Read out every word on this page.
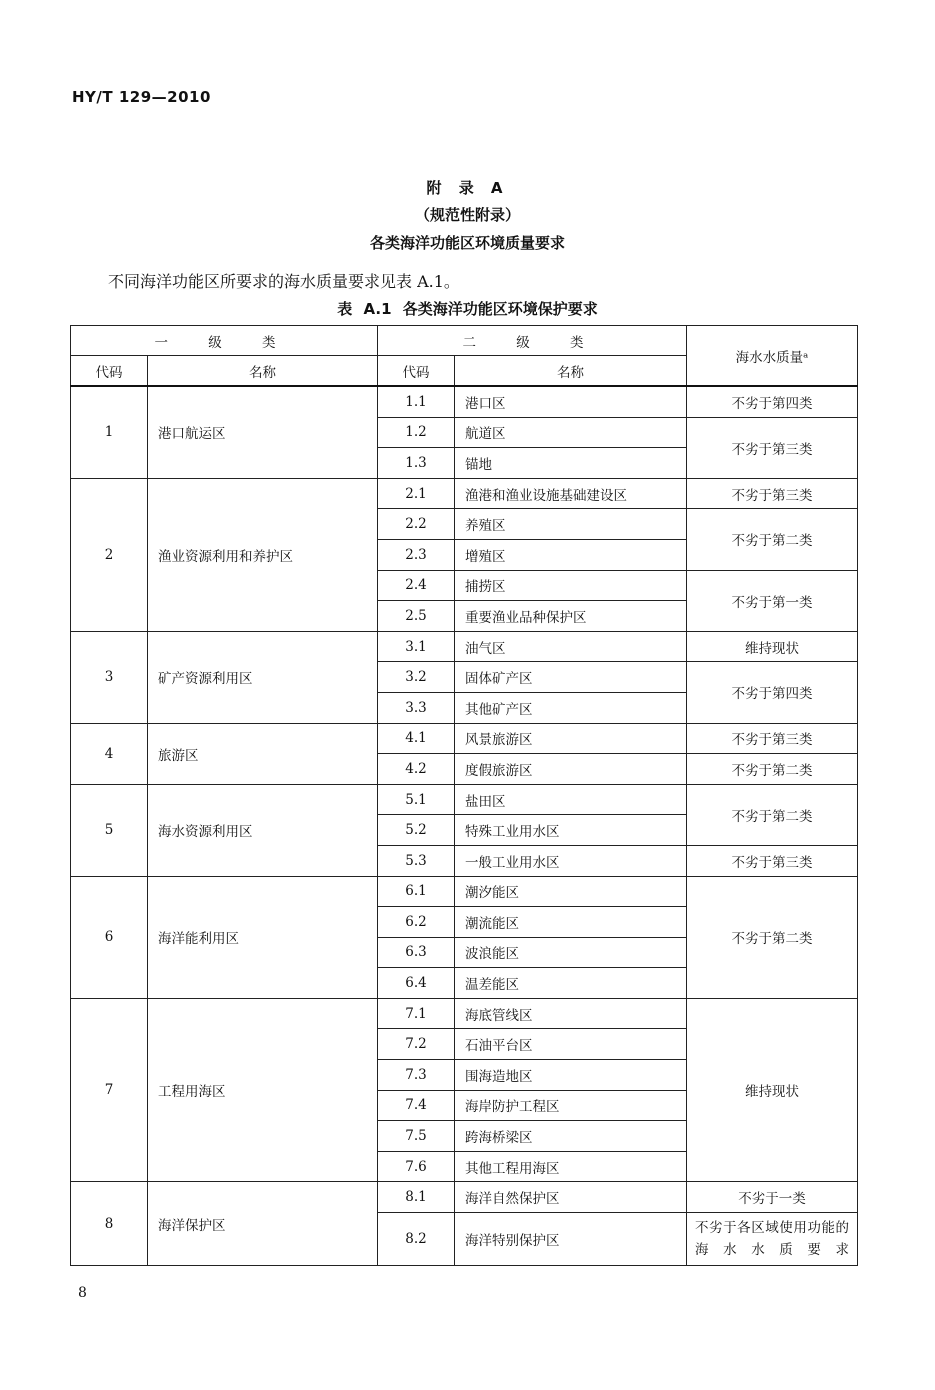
HY/T 129—2010
附 录 A
（规范性附录）
各类海洋功能区环境质量要求
不同海洋功能区所要求的海水质量要求见表 A.1。
表 A.1 各类海洋功能区环境保护要求
一 级 类		二 级 类		海水水质量ᵃ
代码	名称	代码	名称	
1	港口航运区	1.1	港口区	不劣于第四类
		1.2	航道区	不劣于第三类
		1.3	锚地	
2	渔业资源利用和养护区	2.1	渔港和渔业设施基础建设区	不劣于第三类
		2.2	养殖区	不劣于第二类
		2.3	增殖区	
		2.4	捕捞区	不劣于第一类
		2.5	重要渔业品种保护区	
3	矿产资源利用区	3.1	油气区	维持现状
		3.2	固体矿产区	不劣于第四类
		3.3	其他矿产区	
4	旅游区	4.1	风景旅游区	不劣于第三类
		4.2	度假旅游区	不劣于第二类
5	海水资源利用区	5.1	盐田区	不劣于第二类
		5.2	特殊工业用水区	
		5.3	一般工业用水区	不劣于第三类
6	海洋能利用区	6.1	潮汐能区	不劣于第二类
		6.2	潮流能区	
		6.3	波浪能区	
		6.4	温差能区	
7	工程用海区	7.1	海底管线区	维持现状
		7.2	石油平台区	
		7.3	围海造地区	
		7.4	海岸防护工程区	
		7.5	跨海桥梁区	
		7.6	其他工程用海区	
8	海洋保护区	8.1	海洋自然保护区	不劣于一类
		8.2	海洋特别保护区	不劣于各区域使用功能的海水水质要求
8
